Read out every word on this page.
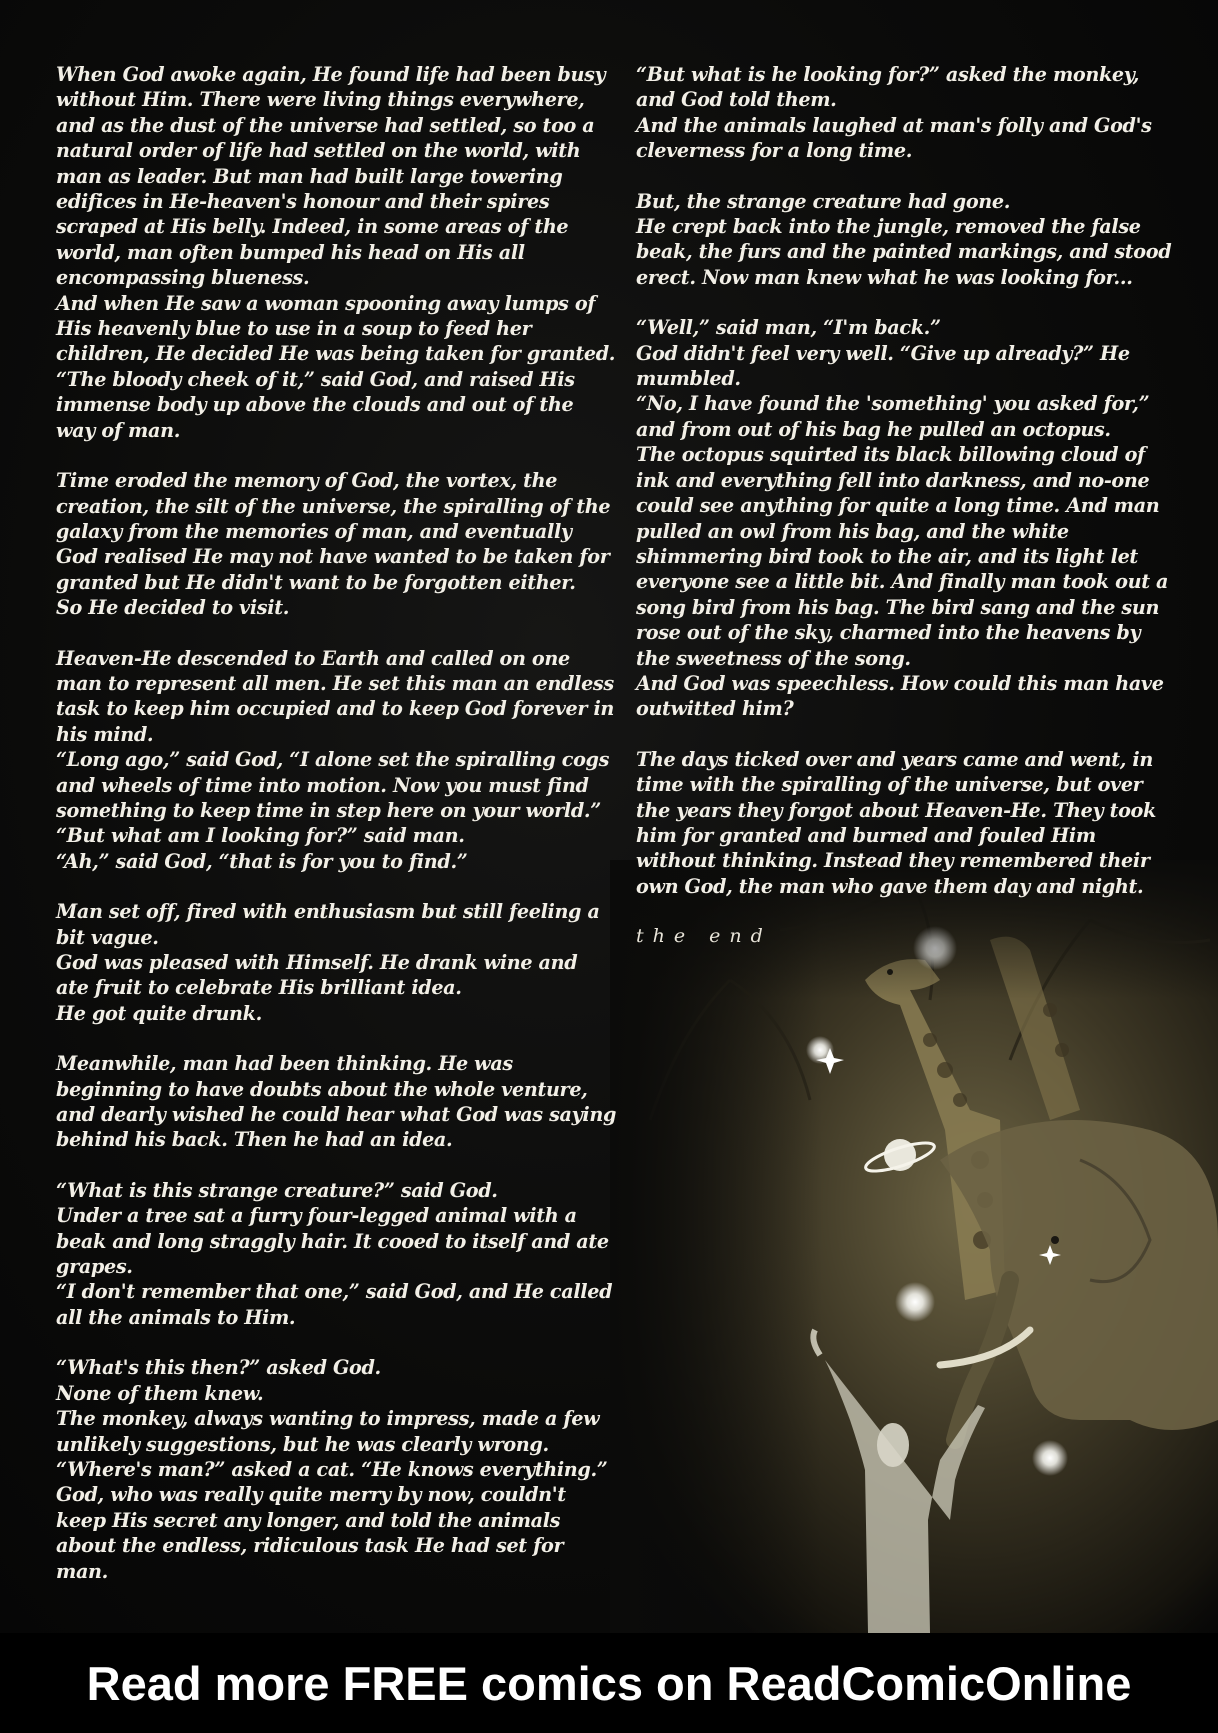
When God awoke again, He found life had been busy without Him. There were living things everywhere, and as the dust of the universe had settled, so too a natural order of life had settled on the world, with man as leader. But man had built large towering edifices in He-heaven's honour and their spires scraped at His belly. Indeed, in some areas of the world, man often bumped his head on His all encompassing blueness.
And when He saw a woman spooning away lumps of His heavenly blue to use in a soup to feed her children, He decided He was being taken for granted.
“The bloody cheek of it,” said God, and raised His immense body up above the clouds and out of the way of man.

Time eroded the memory of God, the vortex, the creation, the silt of the universe, the spiralling of the galaxy from the memories of man, and eventually God realised He may not have wanted to be taken for granted but He didn't want to be forgotten either.
So He decided to visit.

Heaven-He descended to Earth and called on one man to represent all men. He set this man an endless task to keep him occupied and to keep God forever in his mind.
“Long ago,” said God, “I alone set the spiralling cogs and wheels of time into motion. Now you must find something to keep time in step here on your world.”
“But what am I looking for?” said man.
“Ah,” said God, “that is for you to find.”

Man set off, fired with enthusiasm but still feeling a bit vague.
God was pleased with Himself. He drank wine and ate fruit to celebrate His brilliant idea.
He got quite drunk.

Meanwhile, man had been thinking. He was beginning to have doubts about the whole venture, and dearly wished he could hear what God was saying behind his back. Then he had an idea.

“What is this strange creature?” said God.
Under a tree sat a furry four-legged animal with a beak and long straggly hair. It cooed to itself and ate grapes.
“I don't remember that one,” said God, and He called all the animals to Him.

“What's this then?” asked God.
None of them knew.
The monkey, always wanting to impress, made a few unlikely suggestions, but he was clearly wrong.
“Where's man?” asked a cat. “He knows everything.”
God, who was really quite merry by now, couldn't keep His secret any longer, and told the animals about the endless, ridiculous task He had set for man.

“But what is he looking for?” asked the monkey, and God told them.
And the animals laughed at man's folly and God's cleverness for a long time.

But, the strange creature had gone.
He crept back into the jungle, removed the false beak, the furs and the painted markings, and stood erect. Now man knew what he was looking for...

“Well,” said man, “I'm back.”
God didn't feel very well. “Give up already?” He mumbled.
“No, I have found the 'something' you asked for,” and from out of his bag he pulled an octopus.
The octopus squirted its black billowing cloud of ink and everything fell into darkness, and no-one could see anything for quite a long time. And man pulled an owl from his bag, and the white shimmering bird took to the air, and its light let everyone see a little bit. And finally man took out a song bird from his bag. The bird sang and the sun rose out of the sky, charmed into the heavens by the sweetness of the song.
And God was speechless. How could this man have outwitted him?

The days ticked over and years came and went, in time with the spiralling of the universe, but over the years they forgot about Heaven-He. They took him for granted and burned and fouled Him without thinking. Instead they remembered their own God, the man who gave them day and night.

the end
Read more FREE comics on ReadComicOnline
